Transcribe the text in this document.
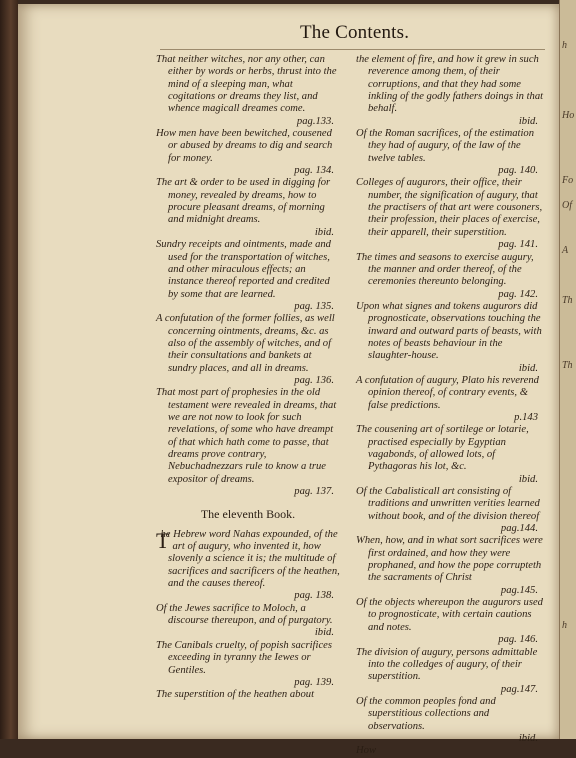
The Contents.
That neither witches, nor any other, can either by words or herbs, thrust into the mind of a sleeping man, what cogitations or dreams they list, and whence magicall dreames come.
pag.133.
How men have been bewitched, cousened or abused by dreams to dig and search for money.
pag. 134.
The art & order to be used in digging for money, revealed by dreams, how to procure pleasant dreams, of morning and midnight dreams.
ibid.
Sundry receipts and ointments, made and used for the transportation of witches, and other miraculous effects; an instance thereof reported and credited by some that are learned.
pag. 135.
A confutation of the former follies, as well concerning ointments, dreams, &c. as also of the assembly of witches, and of their consultations and bankets at sundry places, and all in dreams.
pag. 136.
That most part of prophesies in the old testament were revealed in dreams, that we are not now to look for such revelations, of some who have dreampt of that which hath come to passe, that dreams prove contrary, Nebuchadnezzars rule to know a true expositor of dreams.
pag. 137.
The eleventh Book.
T
he Hebrew word Nahas expounded, of the art of augury, who invented it, how slovenly a science it is; the multitude of sacrifices and sacrificers of the heathen, and the causes thereof.
pag. 138.
Of the Jewes sacrifice to Moloch, a discourse thereupon, and of purgatory.
ibid.
The Canibals cruelty, of popish sacrifices exceeding in tyranny the Iewes or Gentiles.
pag. 139.
The superstition of the heathen about
the element of fire, and how it grew in such reverence among them, of their corruptions, and that they had some inkling of the godly fathers doings in that behalf.
ibid.
Of the Roman sacrifices, of the estimation they had of augury, of the law of the twelve tables.
pag. 140.
Colleges of augurors, their office, their number, the signification of augury, that the practisers of that art were cousoners, their profession, their places of exercise, their apparell, their superstition.
pag. 141.
The times and seasons to exercise augury, the manner and order thereof, of the ceremonies thereunto belonging.
pag. 142.
Upon what signes and tokens augurors did prognosticate, observations touching the inward and outward parts of beasts, with notes of beasts behaviour in the slaughter-house.
ibid.
A confutation of augury, Plato his reverend opinion thereof, of contrary events, & false predictions.
p.143
The cousening art of sortilege or lotarie, practised especially by Egyptian vagabonds, of allowed lots, of Pythagoras his lot, &c.
ibid.
Of the Cabalisticall art consisting of traditions and unwritten verities learned without book, and of the division thereof
pag.144.
When, how, and in what sort sacrifices were first ordained, and how they were prophaned, and how the pope corrupteth the sacraments of Christ
pag.145.
Of the objects whereupon the augurors used to prognosticate, with certain cautions and notes.
pag. 146.
The division of augury, persons admittable into the colledges of augury, of their superstition.
pag.147.
Of the common peoples fond and superstitious collections and observations.
ibid.
How
h
Ho
Fo
Of
A
Th
Th
h
